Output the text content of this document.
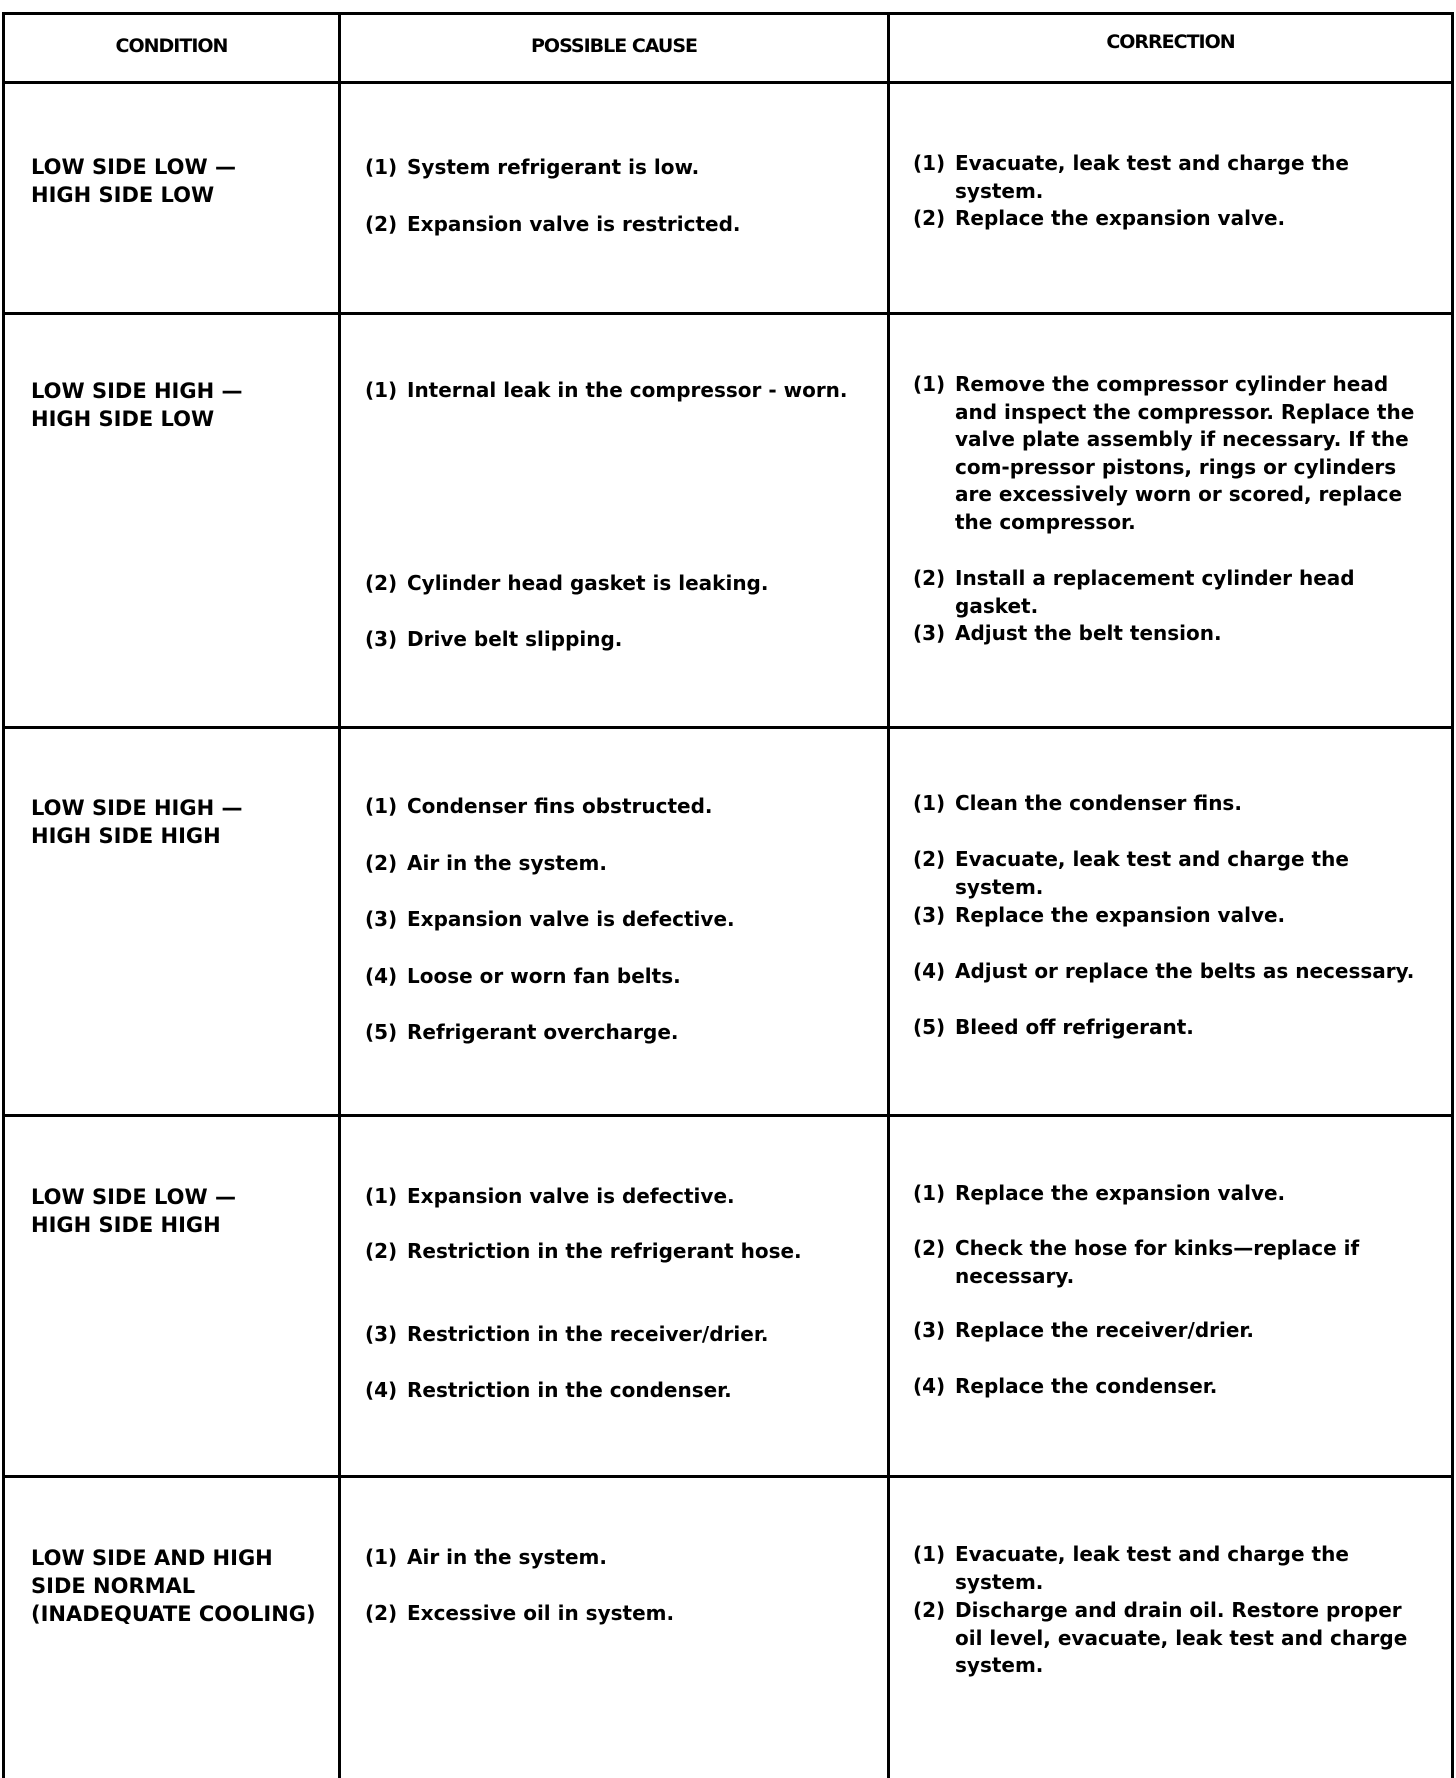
CONDITION	POSSIBLE CAUSE	CORRECTION
LOW SIDE LOW —
HIGH SIDE LOW
(1) System refrigerant is low.
(2) Expansion valve is restricted.
(1) Evacuate, leak test and charge the system.
(2) Replace the expansion valve.
LOW SIDE HIGH —
HIGH SIDE LOW
(1) Internal leak in the compressor - worn.
(2) Cylinder head gasket is leaking.
(3) Drive belt slipping.
(1) Remove the compressor cylinder head and inspect the compressor. Replace the valve plate assembly if necessary. If the com-pressor pistons, rings or cylinders are excessively worn or scored, replace the compressor.
(2) Install a replacement cylinder head gasket.
(3) Adjust the belt tension.
LOW SIDE HIGH —
HIGH SIDE HIGH
(1) Condenser fins obstructed.
(2) Air in the system.
(3) Expansion valve is defective.
(4) Loose or worn fan belts.
(5) Refrigerant overcharge.
(1) Clean the condenser fins.
(2) Evacuate, leak test and charge the system.
(3) Replace the expansion valve.
(4) Adjust or replace the belts as necessary.
(5) Bleed off refrigerant.
LOW SIDE LOW —
HIGH SIDE HIGH
(1) Expansion valve is defective.
(2) Restriction in the refrigerant hose.
(3) Restriction in the receiver/drier.
(4) Restriction in the condenser.
(1) Replace the expansion valve.
(2) Check the hose for kinks—replace if necessary.
(3) Replace the receiver/drier.
(4) Replace the condenser.
LOW SIDE AND HIGH
SIDE NORMAL
(INADEQUATE COOLING)
(1) Air in the system.
(2) Excessive oil in system.
(1) Evacuate, leak test and charge the system.
(2) Discharge and drain oil. Restore proper oil level, evacuate, leak test and charge system.
